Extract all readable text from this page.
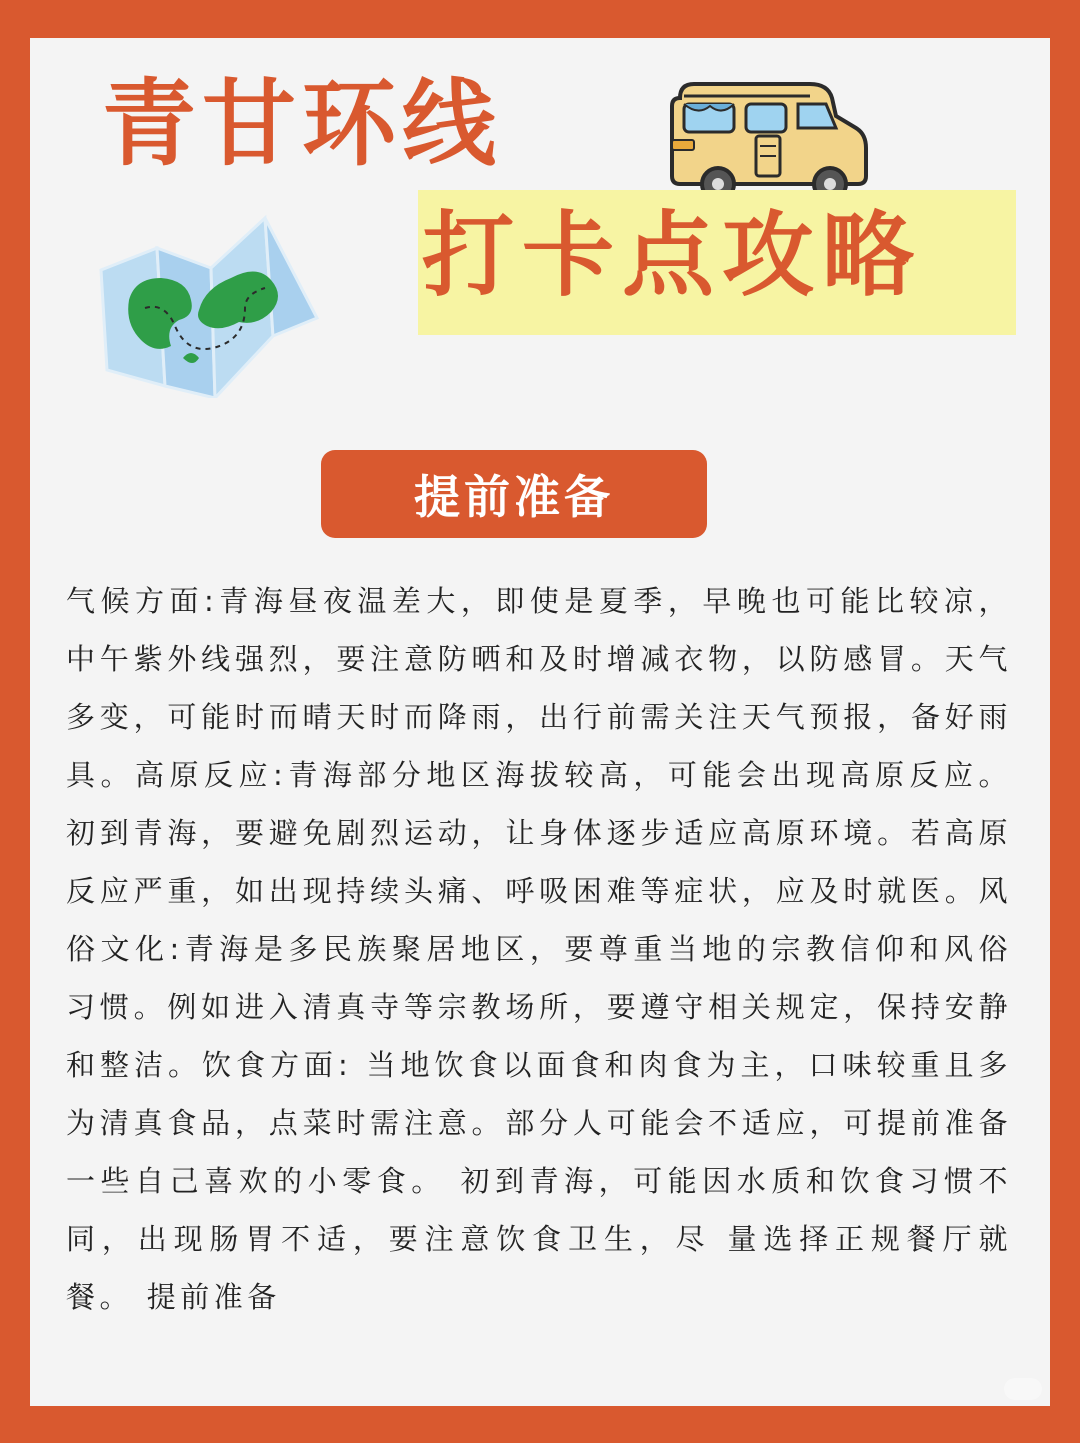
青甘环线
打卡点攻略
提前准备
气候方面:青海昼夜温差大，即使是夏季，早晚也可能比较凉，中午紫外线强烈，要注意防晒和及时增减衣物，以防感冒。天气多变，可能时而晴天时而降雨，出行前需关注天气预报，备好雨具。高原反应:青海部分地区海拔较高，可能会出现高原反应。初到青海，要避免剧烈运动，让身体逐步适应高原环境。若高原反应严重，如出现持续头痛、呼吸困难等症状，应及时就医。风俗文化:青海是多民族聚居地区，要尊重当地的宗教信仰和风俗习惯。例如进入清真寺等宗教场所，要遵守相关规定，保持安静和整洁。饮食方面: 当地饮食以面食和肉食为主，口味较重且多为清真食品，点菜时需注意。部分人可能会不适应，可提前准备一些自己喜欢的小零食。 初到青海，可能因水质和饮食习惯不同，出现肠胃不适，要注意饮食卫生，尽 量选择正规餐厅就餐。 提前准备
